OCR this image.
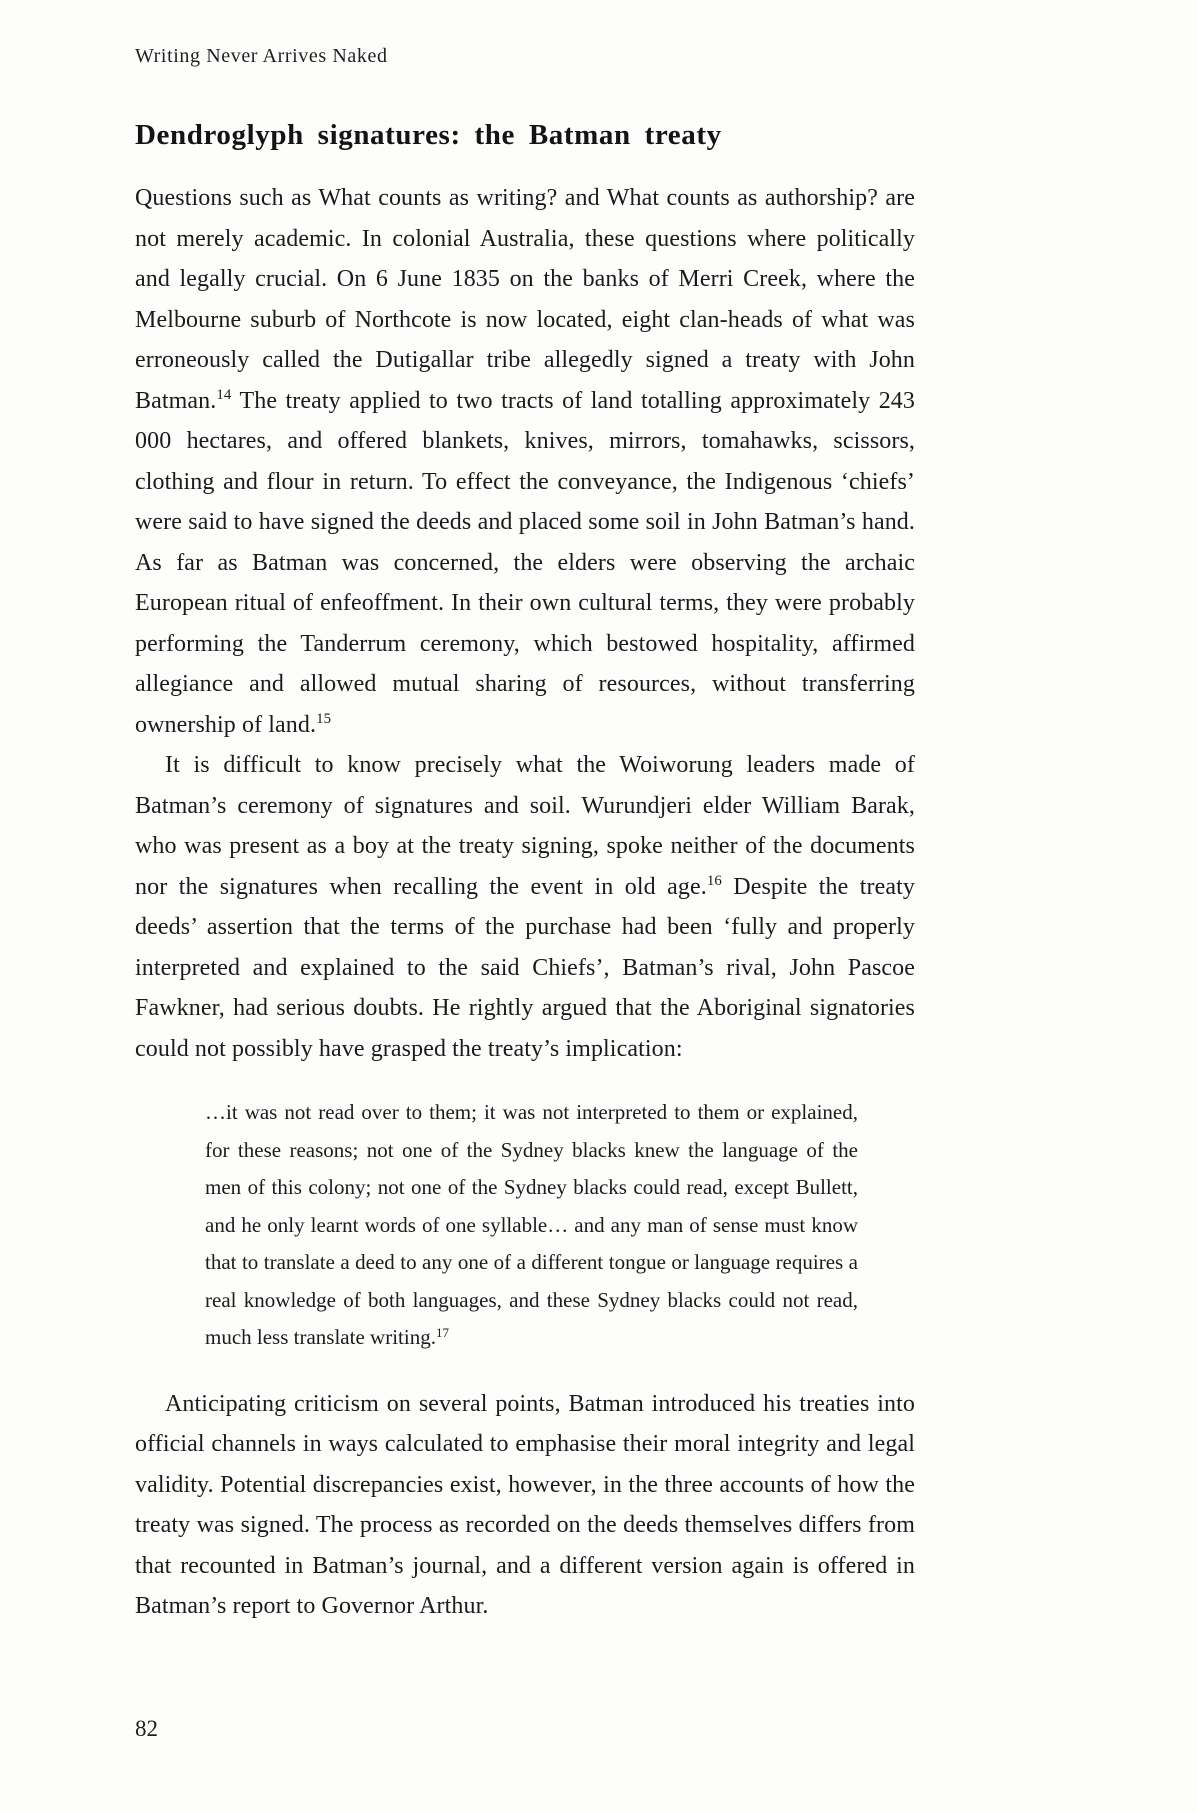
Writing Never Arrives Naked
Dendroglyph signatures: the Batman treaty

Questions such as What counts as writing? and What counts as authorship? are not merely academic. In colonial Australia, these questions where politically and legally crucial. On 6 June 1835 on the banks of Merri Creek, where the Melbourne suburb of Northcote is now located, eight clan-heads of what was erroneously called the Dutigallar tribe allegedly signed a treaty with John Batman.$^{14}$ The treaty applied to two tracts of land totalling approximately 243 000 hectares, and offered blankets, knives, mirrors, tomahawks, scissors, clothing and flour in return. To effect the conveyance, the Indigenous ‘chiefs’ were said to have signed the deeds and placed some soil in John Batman’s hand. As far as Batman was concerned, the elders were observing the archaic European ritual of enfeoffment. In their own cultural terms, they were probably performing the Tanderrum ceremony, which bestowed hospitality, affirmed allegiance and allowed mutual sharing of resources, without transferring ownership of land.$^{15}$

It is difficult to know precisely what the Woiworung leaders made of Batman’s ceremony of signatures and soil. Wurundjeri elder William Barak, who was present as a boy at the treaty signing, spoke neither of the documents nor the signatures when recalling the event in old age.$^{16}$ Despite the treaty deeds’ assertion that the terms of the purchase had been ‘fully and properly interpreted and explained to the said Chiefs’, Batman’s rival, John Pascoe Fawkner, had serious doubts. He rightly argued that the Aboriginal signatories could not possibly have grasped the treaty’s implication:

…it was not read over to them; it was not interpreted to them or explained, for these reasons; not one of the Sydney blacks knew the language of the men of this colony; not one of the Sydney blacks could read, except Bullett, and he only learnt words of one syllable… and any man of sense must know that to translate a deed to any one of a different tongue or language requires a real knowledge of both languages, and these Sydney blacks could not read, much less translate writing.$^{17}$

Anticipating criticism on several points, Batman introduced his treaties into official channels in ways calculated to emphasise their moral integrity and legal validity. Potential discrepancies exist, however, in the three accounts of how the treaty was signed. The process as recorded on the deeds themselves differs from that recounted in Batman’s journal, and a different version again is offered in Batman’s report to Governor Arthur.

82
